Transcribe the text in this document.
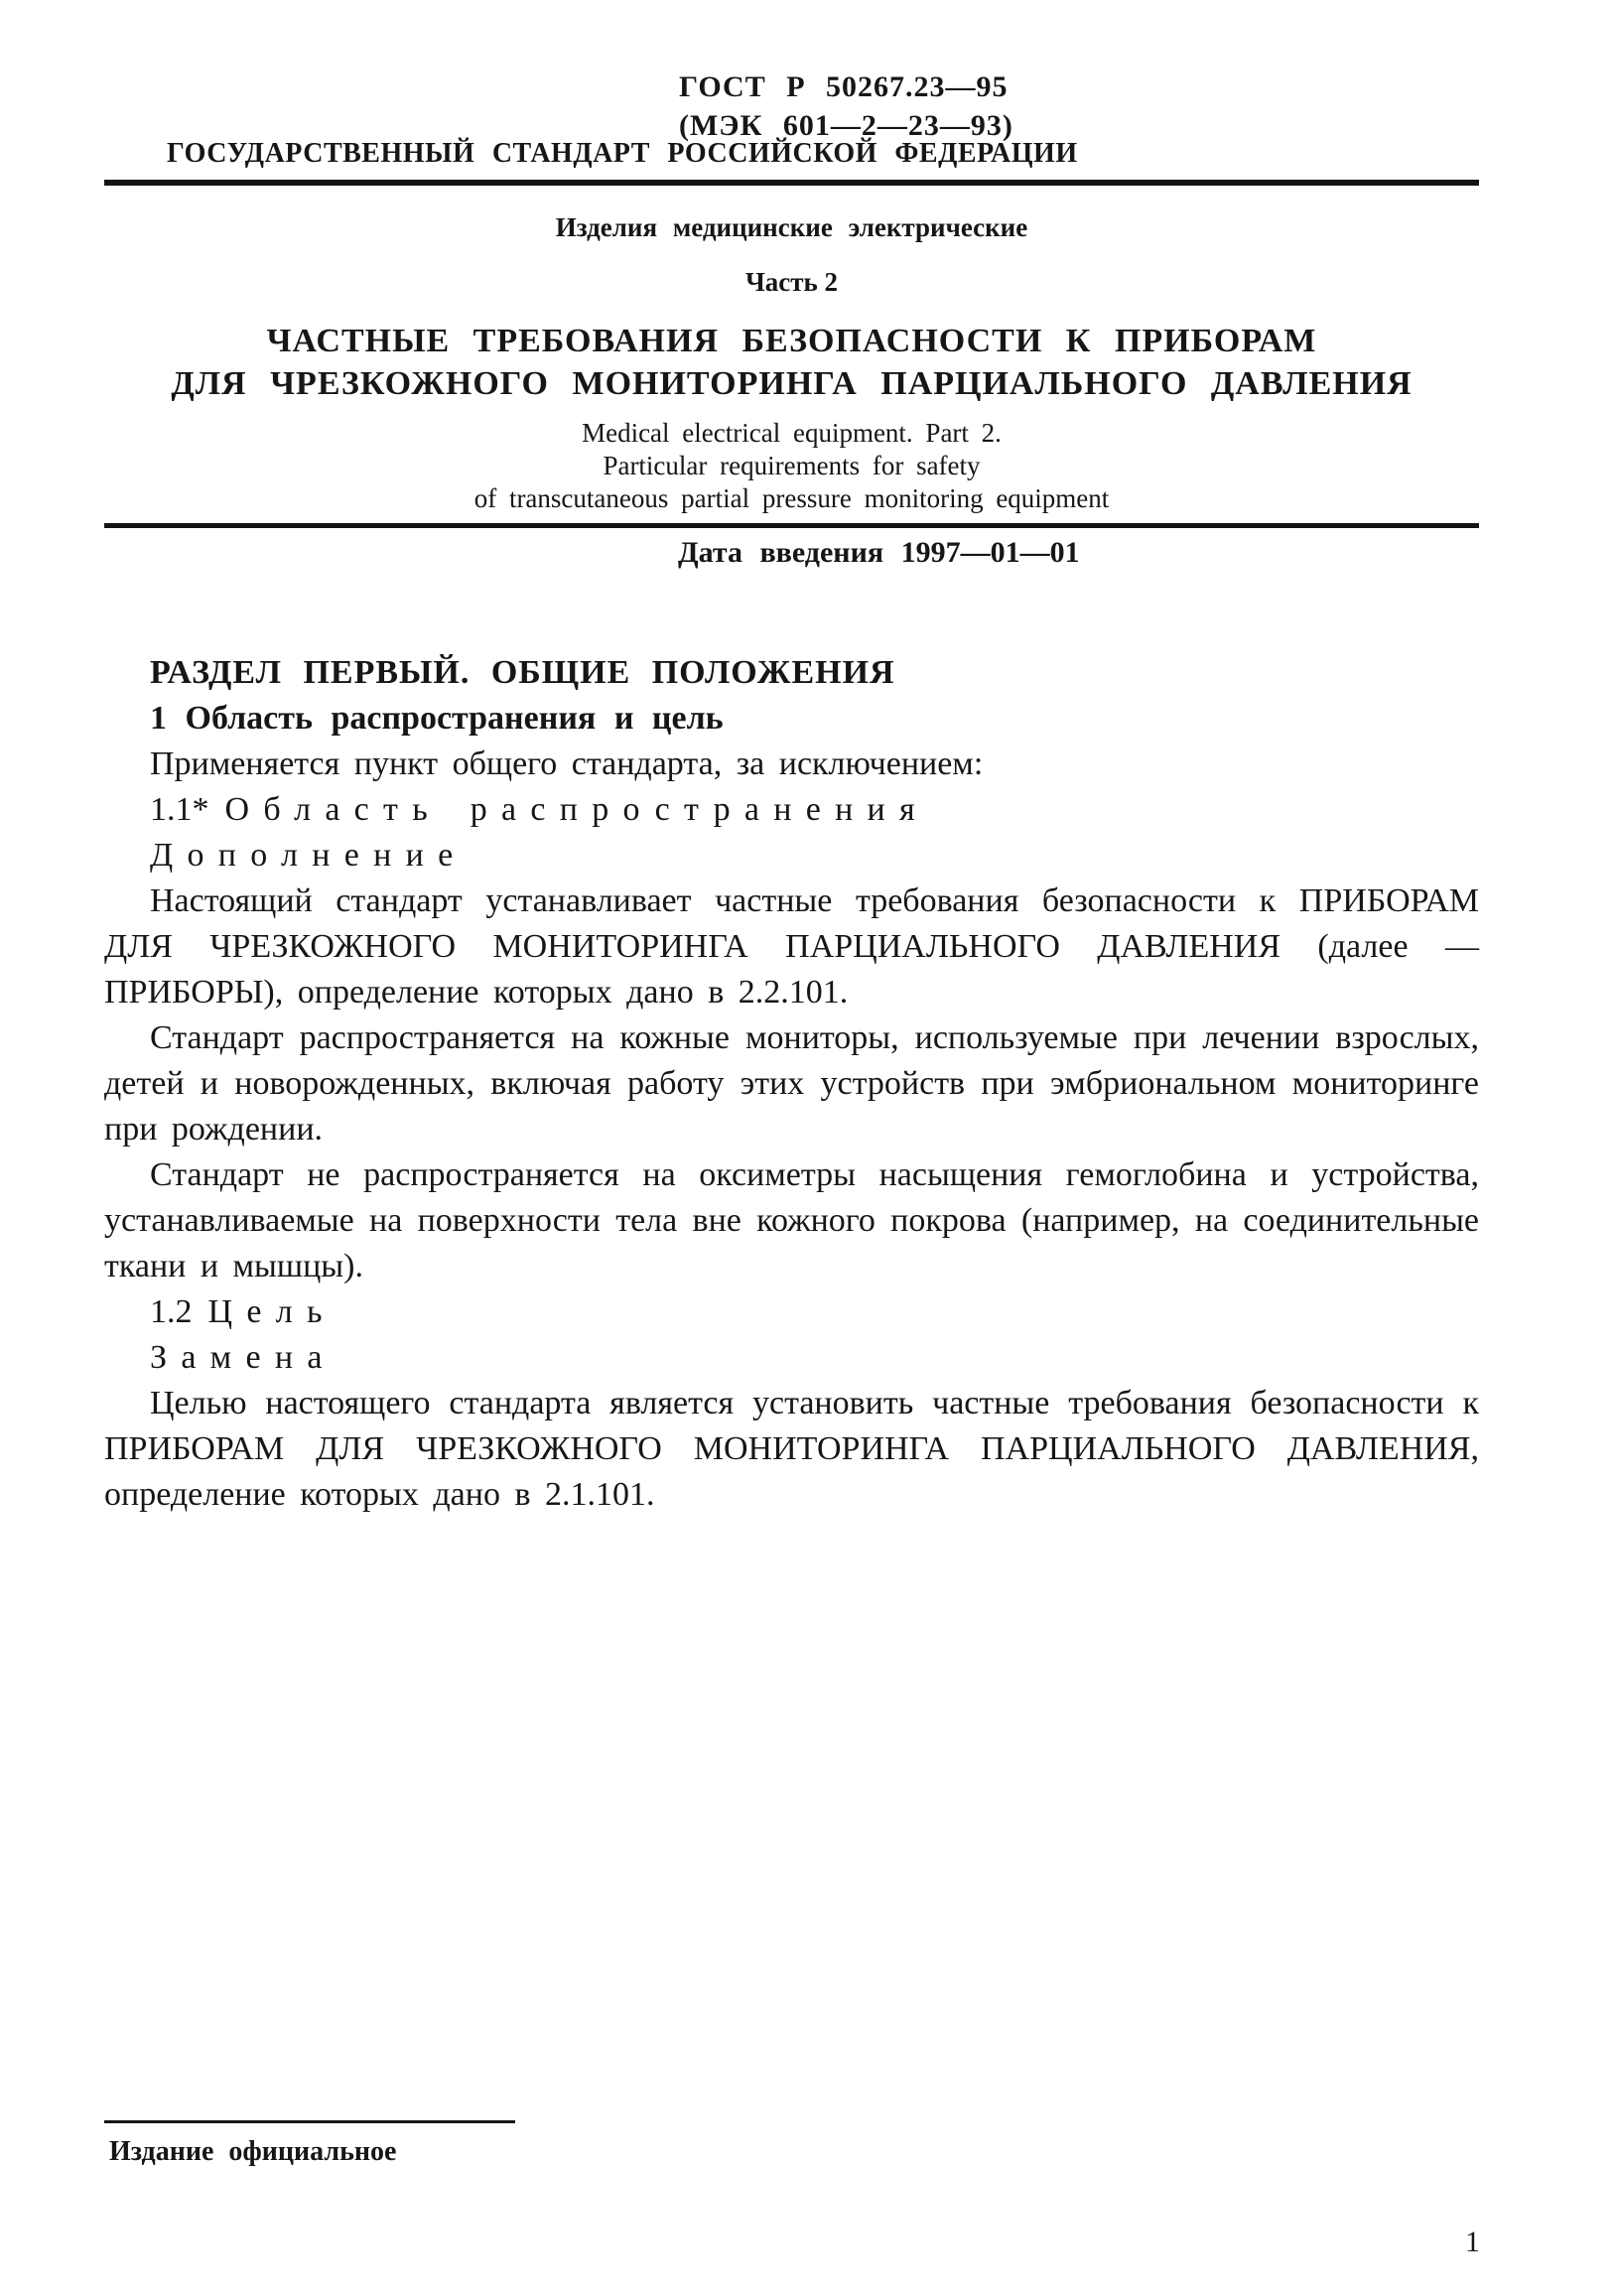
ГОСТ Р 50267.23—95
(МЭК 601—2—23—93)
ГОСУДАРСТВЕННЫЙ СТАНДАРТ РОССИЙСКОЙ ФЕДЕРАЦИИ
Изделия медицинские электрические
Часть 2
ЧАСТНЫЕ ТРЕБОВАНИЯ БЕЗОПАСНОСТИ К ПРИБОРАМ
ДЛЯ ЧРЕЗКОЖНОГО МОНИТОРИНГА ПАРЦИАЛЬНОГО ДАВЛЕНИЯ
Medical electrical equipment. Part 2.
Particular requirements for safety
of transcutaneous partial pressure monitoring equipment
Дата введения 1997—01—01

РАЗДЕЛ ПЕРВЫЙ. ОБЩИЕ ПОЛОЖЕНИЯ

1 Область распространения и цель

Применяется пункт общего стандарта, за исключением:

1.1* Область распространения

Дополнение

Настоящий стандарт устанавливает частные требования безопасности к ПРИБОРАМ ДЛЯ ЧРЕЗКОЖНОГО МОНИТОРИНГА ПАРЦИАЛЬНОГО ДАВЛЕНИЯ (далее — ПРИБОРЫ), определение которых дано в 2.2.101.

Стандарт распространяется на кожные мониторы, используемые при лечении взрослых, детей и новорожденных, включая работу этих устройств при эмбриональном мониторинге при рождении.

Стандарт не распространяется на оксиметры насыщения гемоглобина и устройства, устанавливаемые на поверхности тела вне кожного покрова (например, на соединительные ткани и мышцы).

1.2 Цель

Замена

Целью настоящего стандарта является установить частные требования безопасности к ПРИБОРАМ ДЛЯ ЧРЕЗКОЖНОГО МОНИТОРИНГА ПАРЦИАЛЬНОГО ДАВЛЕНИЯ, определение которых дано в 2.1.101.

Издание официальное
1
